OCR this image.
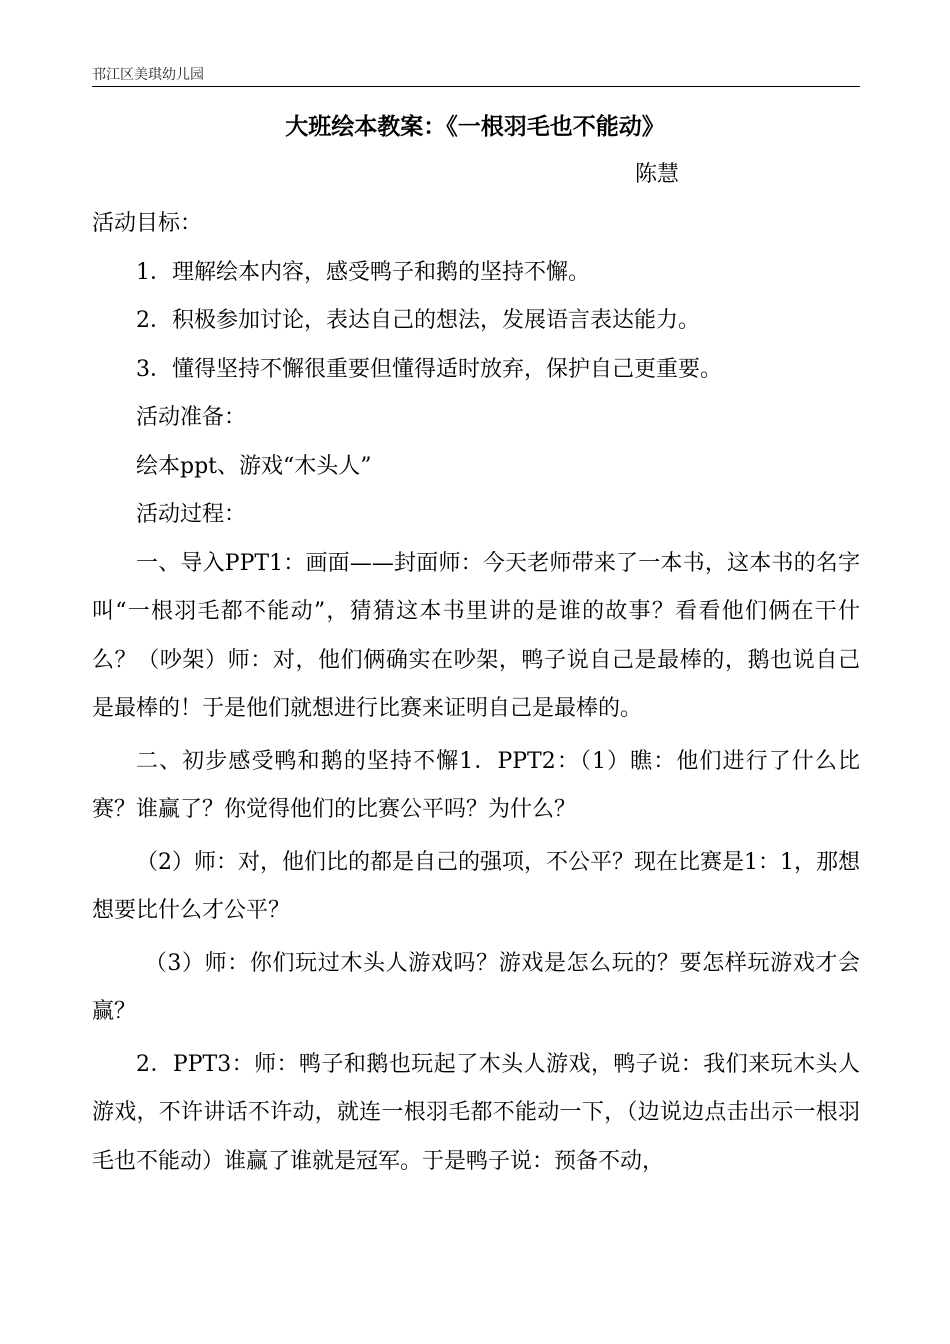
邗江区美琪幼儿园
大班绘本教案：《一根羽毛也不能动》
陈慧

活动目标：

1．理解绘本内容，感受鸭子和鹅的坚持不懈。

2．积极参加讨论，表达自己的想法，发展语言表达能力。

3．懂得坚持不懈很重要但懂得适时放弃，保护自己更重要。

活动准备：

绘本ppt、游戏“木头人”

活动过程：

一、导入PPT1：画面——封面师：今天老师带来了一本书，这本书的名字叫“一根羽毛都不能动”，猜猜这本书里讲的是谁的故事？看看他们俩在干什么？（吵架）师：对，他们俩确实在吵架，鸭子说自己是最棒的，鹅也说自己是最棒的！于是他们就想进行比赛来证明自己是最棒的。

二、初步感受鸭和鹅的坚持不懈1．PPT2：（1）瞧：他们进行了什么比赛？谁赢了？你觉得他们的比赛公平吗？为什么？

（2）师：对，他们比的都是自己的强项，不公平？现在比赛是1：1，那想想要比什么才公平？

（3）师：你们玩过木头人游戏吗？游戏是怎么玩的？要怎样玩游戏才会赢？

2．PPT3：师：鸭子和鹅也玩起了木头人游戏，鸭子说：我们来玩木头人游戏，不许讲话不许动，就连一根羽毛都不能动一下，（边说边点击出示一根羽毛也不能动）谁赢了谁就是冠军。于是鸭子说：预备不动，
